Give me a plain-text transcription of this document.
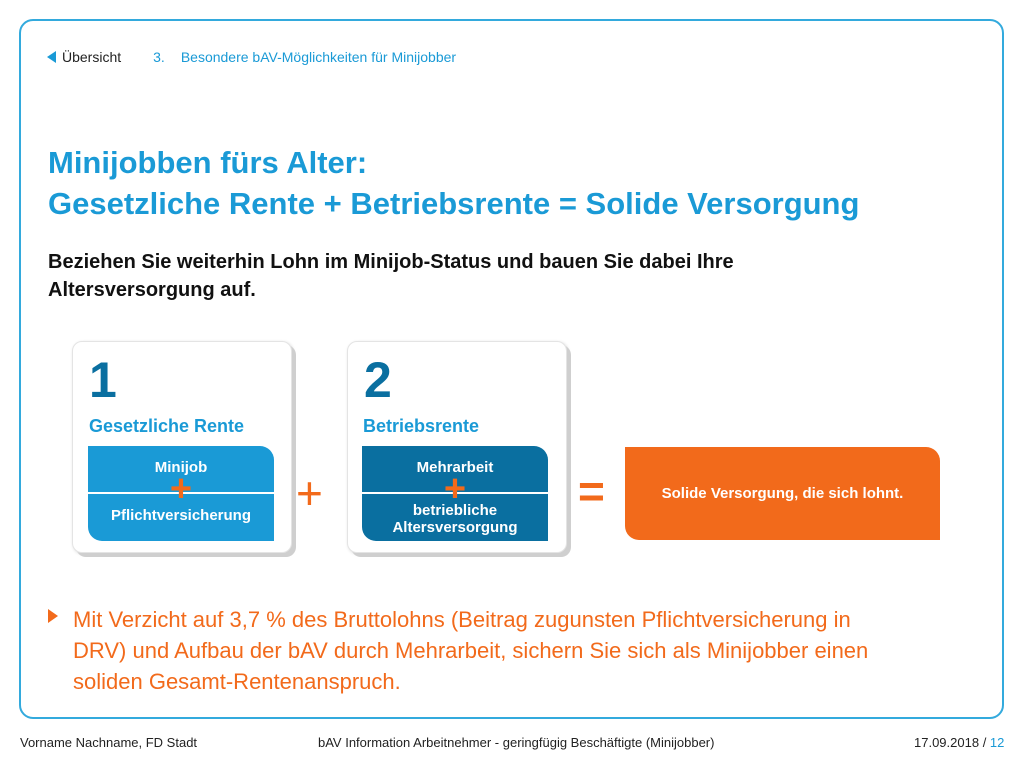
Übersicht 3. Besondere bAV-Möglichkeiten für Minijobber
Minijobben fürs Alter:
Gesetzliche Rente + Betriebsrente = Solide Versorgung

Beziehen Sie weiterhin Lohn im Minijob-Status und bauen Sie dabei Ihre
Altersversorgung auf.

1
Gesetzliche Rente
Minijob
+
Pflichtversicherung
2
Betriebsrente
Mehrarbeit
+
betriebliche
Altersversorgung
+	=	Solide Versorgung, die sich lohnt.

Mit Verzicht auf 3,7 % des Bruttolohns (Beitrag zugunsten Pflichtversicherung in
DRV) und Aufbau der bAV durch Mehrarbeit, sichern Sie sich als Minijobber einen
soliden Gesamt-Rentenanspruch.

Vorname Nachname, FD Stadt	bAV Information Arbeitnehmer - geringfügig Beschäftigte (Minijobber)	17.09.2018 / 12
